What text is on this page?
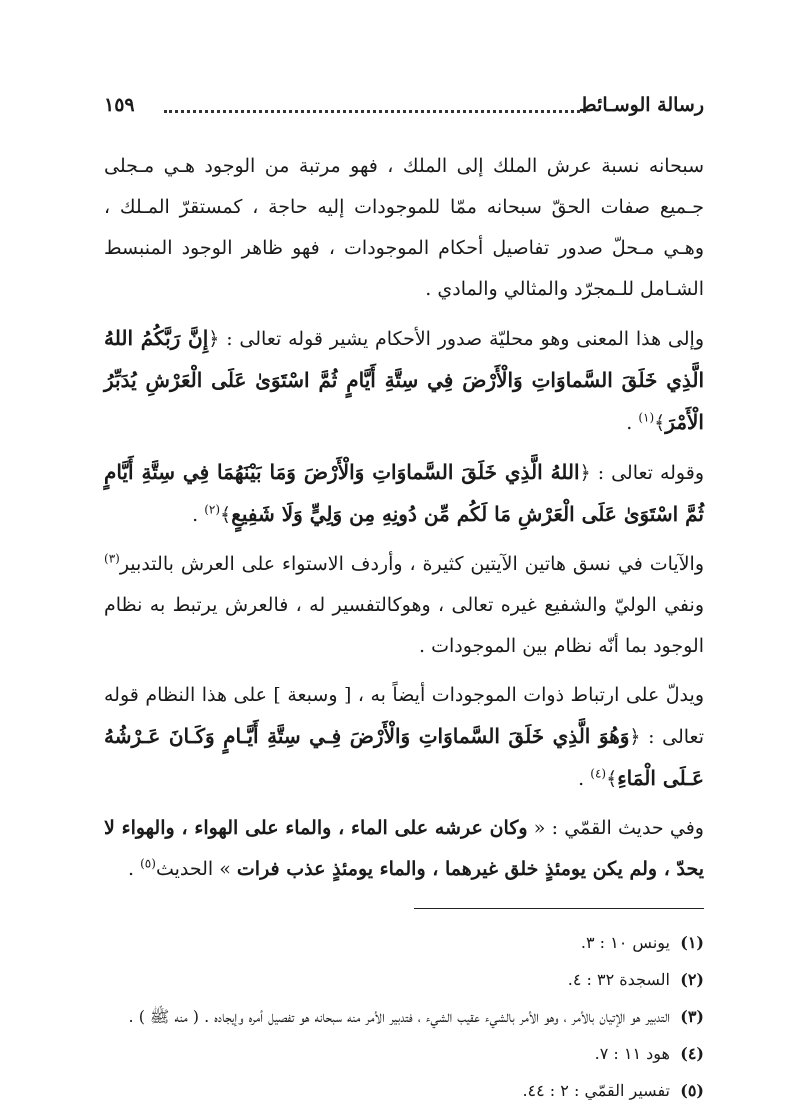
رسالة الوسـائط
١٥٩

سبحانه نسبة عرش الملك إلى الملك ، فهو مرتبة من الوجود هـي مـجلى جـميع صفات الحقّ سبحانه ممّا للموجودات إليه حاجة ، كمستقرّ المـلك ، وهـي مـحلّ صدور تفاصيل أحكام الموجودات ، فهو ظاهر الوجود المنبسط الشـامل للـمجرّد والمثالي والمادي .

وإلى هذا المعنى وهو محليّة صدور الأحكام يشير قوله تعالى : ﴿إِنَّ رَبَّكُمُ اللهُ الَّذِي خَلَقَ السَّماوَاتِ وَالْأَرْضَ فِي سِتَّةِ أَيَّامٍ ثُمَّ اسْتَوَىٰ عَلَى الْعَرْشِ يُدَبِّرُ الْأَمْرَ﴾$^{(١)}$ .

وقوله تعالى : ﴿اللهُ الَّذِي خَلَقَ السَّماوَاتِ وَالْأَرْضَ وَمَا بَيْنَهُمَا فِي سِتَّةِ أَيَّامٍ ثُمَّ اسْتَوَىٰ عَلَى الْعَرْشِ مَا لَكُم مِّن دُونِهِ مِن وَلِيٍّ وَلَا شَفِيعٍ﴾$^{(٢)}$ .

والآيات في نسق هاتين الآيتين كثيرة ، وأردف الاستواء على العرش بالتدبير$^{(٣)}$ ونفي الوليّ والشفيع غيره تعالى ، وهوكالتفسير له ، فالعرش يرتبط به نظام الوجود بما أنّه نظام بين الموجودات .

ويدلّ على ارتباط ذوات الموجودات أيضاً به ، [ وسبعة ] على هذا النظام قوله تعالى : ﴿وَهُوَ الَّذِي خَلَقَ السَّماوَاتِ وَالْأَرْضَ فِـي سِتَّةِ أَيَّـامٍ وَكَـانَ عَـرْشُهُ عَـلَى الْمَاءِ﴾$^{(٤)}$ .

وفي حديث القمّي : « وكان عرشه على الماء ، والماء على الهواء ، والهواء لا يحدّ ، ولم يكن يومئذٍ خلق غيرهما ، والماء يومئذٍ عذب فرات » الحديث$^{(٥)}$ .

(١)
يونس ١٠ : ٣.
(٢)
السجدة ٣٢ : ٤.
(٣)
التدبير هو الإتيان بالأمر ، وهو الأمر بالشيء عقيب الشيء ، فتدبير الأمر منه سبحانه هو تفصيل أمره وإيجاده . ( منه ﷺ ) .
(٤)
هود ١١ : ٧.
(٥)
تفسير القمّي : ٢ : ٤٤.
